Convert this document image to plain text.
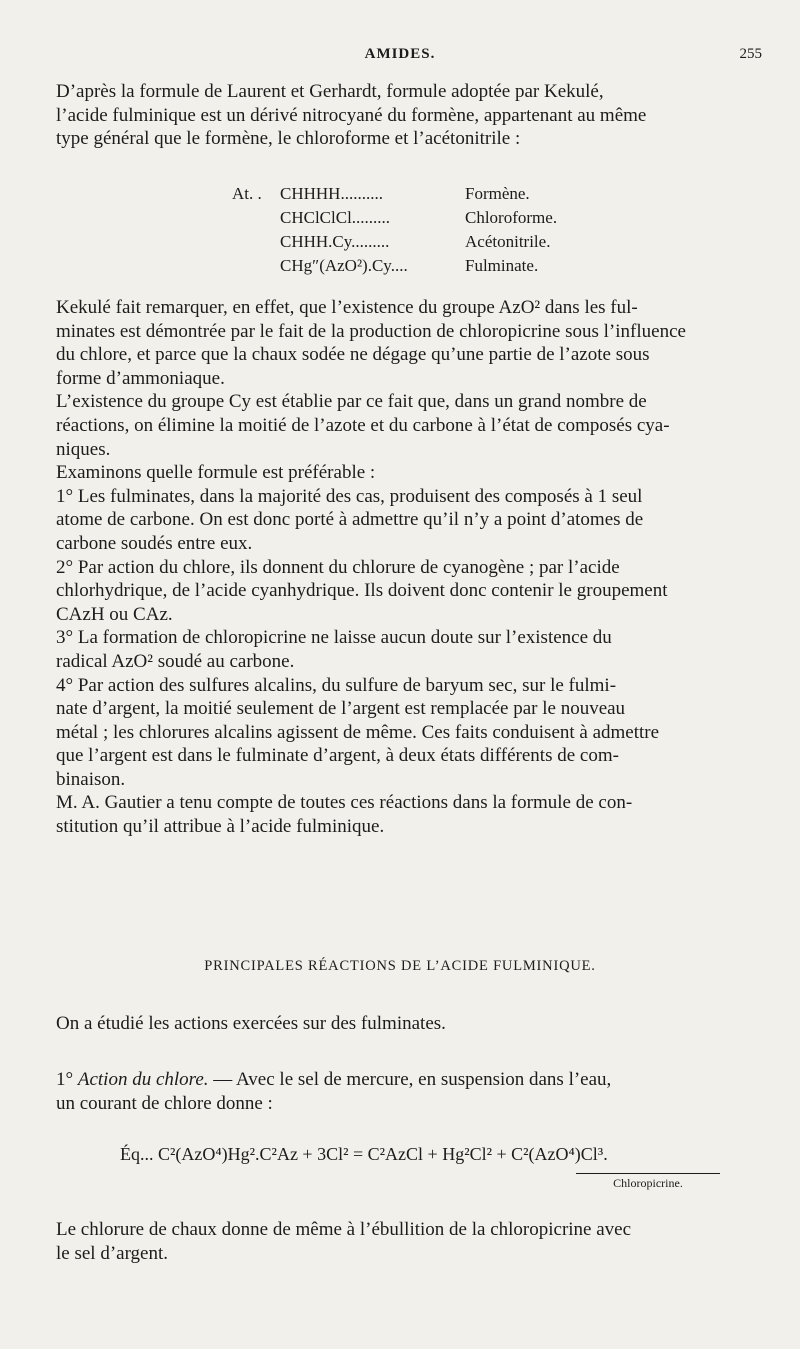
AMIDES.	255

D’après la formule de Laurent et Gerhardt, formule adoptée par Kekulé,

l’acide fulminique est un dérivé nitrocyané du formène, appartenant au même

type général que le formène, le chloroforme et l’acétonitrile :

At. .	CHHHH..........	Formène.
CHClClCl.........	Chloroforme.
CHHH.Cy.........	Acétonitrile.
CHg″(AzO²).Cy....	Fulminate.

Kekulé fait remarquer, en effet, que l’existence du groupe AzO² dans les ful-

minates est démontrée par le fait de la production de chloropicrine sous l’influence

du chlore, et parce que la chaux sodée ne dégage qu’une partie de l’azote sous

forme d’ammoniaque.

L’existence du groupe Cy est établie par ce fait que, dans un grand nombre de

réactions, on élimine la moitié de l’azote et du carbone à l’état de composés cya-

niques.

Examinons quelle formule est préférable :

1° Les fulminates, dans la majorité des cas, produisent des composés à 1 seul

atome de carbone. On est donc porté à admettre qu’il n’y a point d’atomes de

carbone soudés entre eux.

2° Par action du chlore, ils donnent du chlorure de cyanogène ; par l’acide

chlorhydrique, de l’acide cyanhydrique. Ils doivent donc contenir le groupement

CAzH ou CAz.

3° La formation de chloropicrine ne laisse aucun doute sur l’existence du

radical AzO² soudé au carbone.

4° Par action des sulfures alcalins, du sulfure de baryum sec, sur le fulmi-

nate d’argent, la moitié seulement de l’argent est remplacée par le nouveau

métal ; les chlorures alcalins agissent de même. Ces faits conduisent à admettre

que l’argent est dans le fulminate d’argent, à deux états différents de com-

binaison.

M. A. Gautier a tenu compte de toutes ces réactions dans la formule de con-

stitution qu’il attribue à l’acide fulminique.

PRINCIPALES RÉACTIONS DE L’ACIDE FULMINIQUE.

On a étudié les actions exercées sur des fulminates.

1° Action du chlore. — Avec le sel de mercure, en suspension dans l’eau,

un courant de chlore donne :

Éq... C²(AzO⁴)Hg².C²Az + 3Cl² = C²AzCl + Hg²Cl² + C²(AzO⁴)Cl³.
Chloropicrine.

Le chlorure de chaux donne de même à l’ébullition de la chloropicrine avec

le sel d’argent.
